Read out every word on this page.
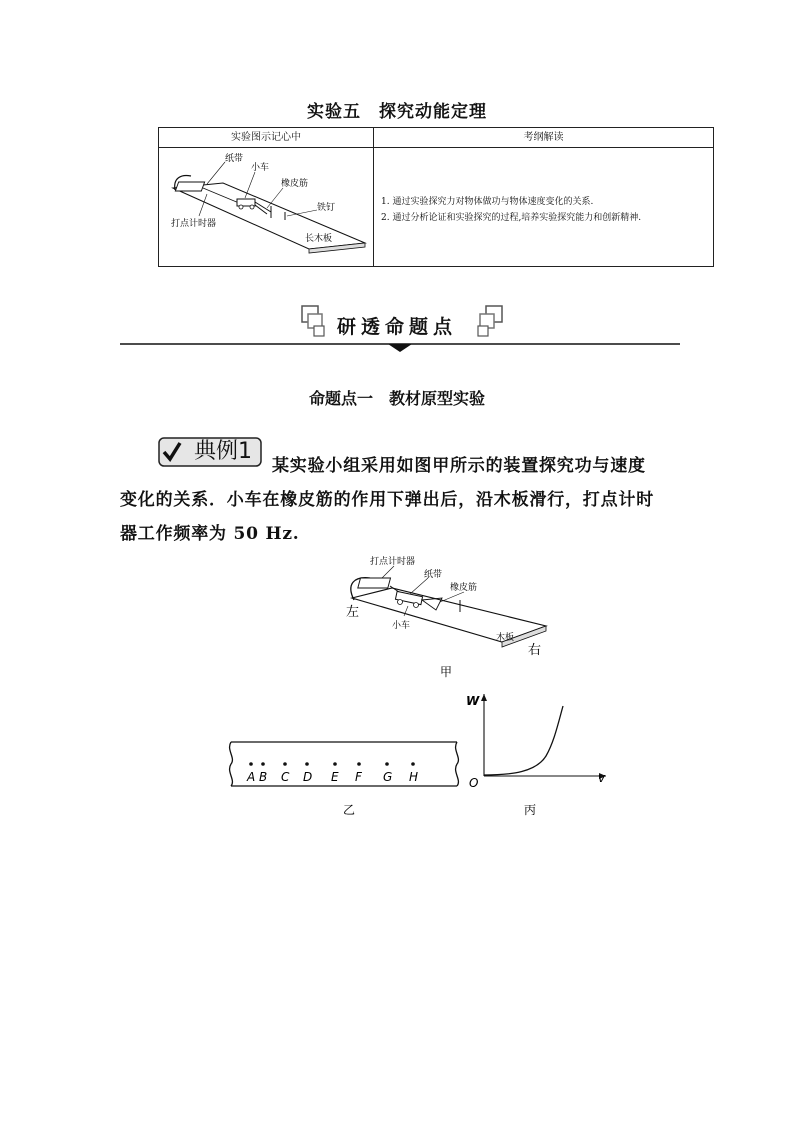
实验五 探究动能定理
实验图示记心中	考纲解读
纸带
小车
橡皮筋
铁钉
打点计时器
长木板
1. 通过实验探究力对物体做功与物体速度变化的关系.
2. 通过分析论证和实验探究的过程,培养实验探究能力和创新精神.
研透命题点
命题点一 教材原型实验
典例1
某实验小组采用如图甲所示的装置探究功与速度
变化的关系．小车在橡皮筋的作用下弹出后，沿木板滑行，打点计时
器工作频率为 50 Hz.
打点计时器
纸带
橡皮筋
左
小车
木板
右
甲
A B C D E F G H
乙
W
v
O
丙
